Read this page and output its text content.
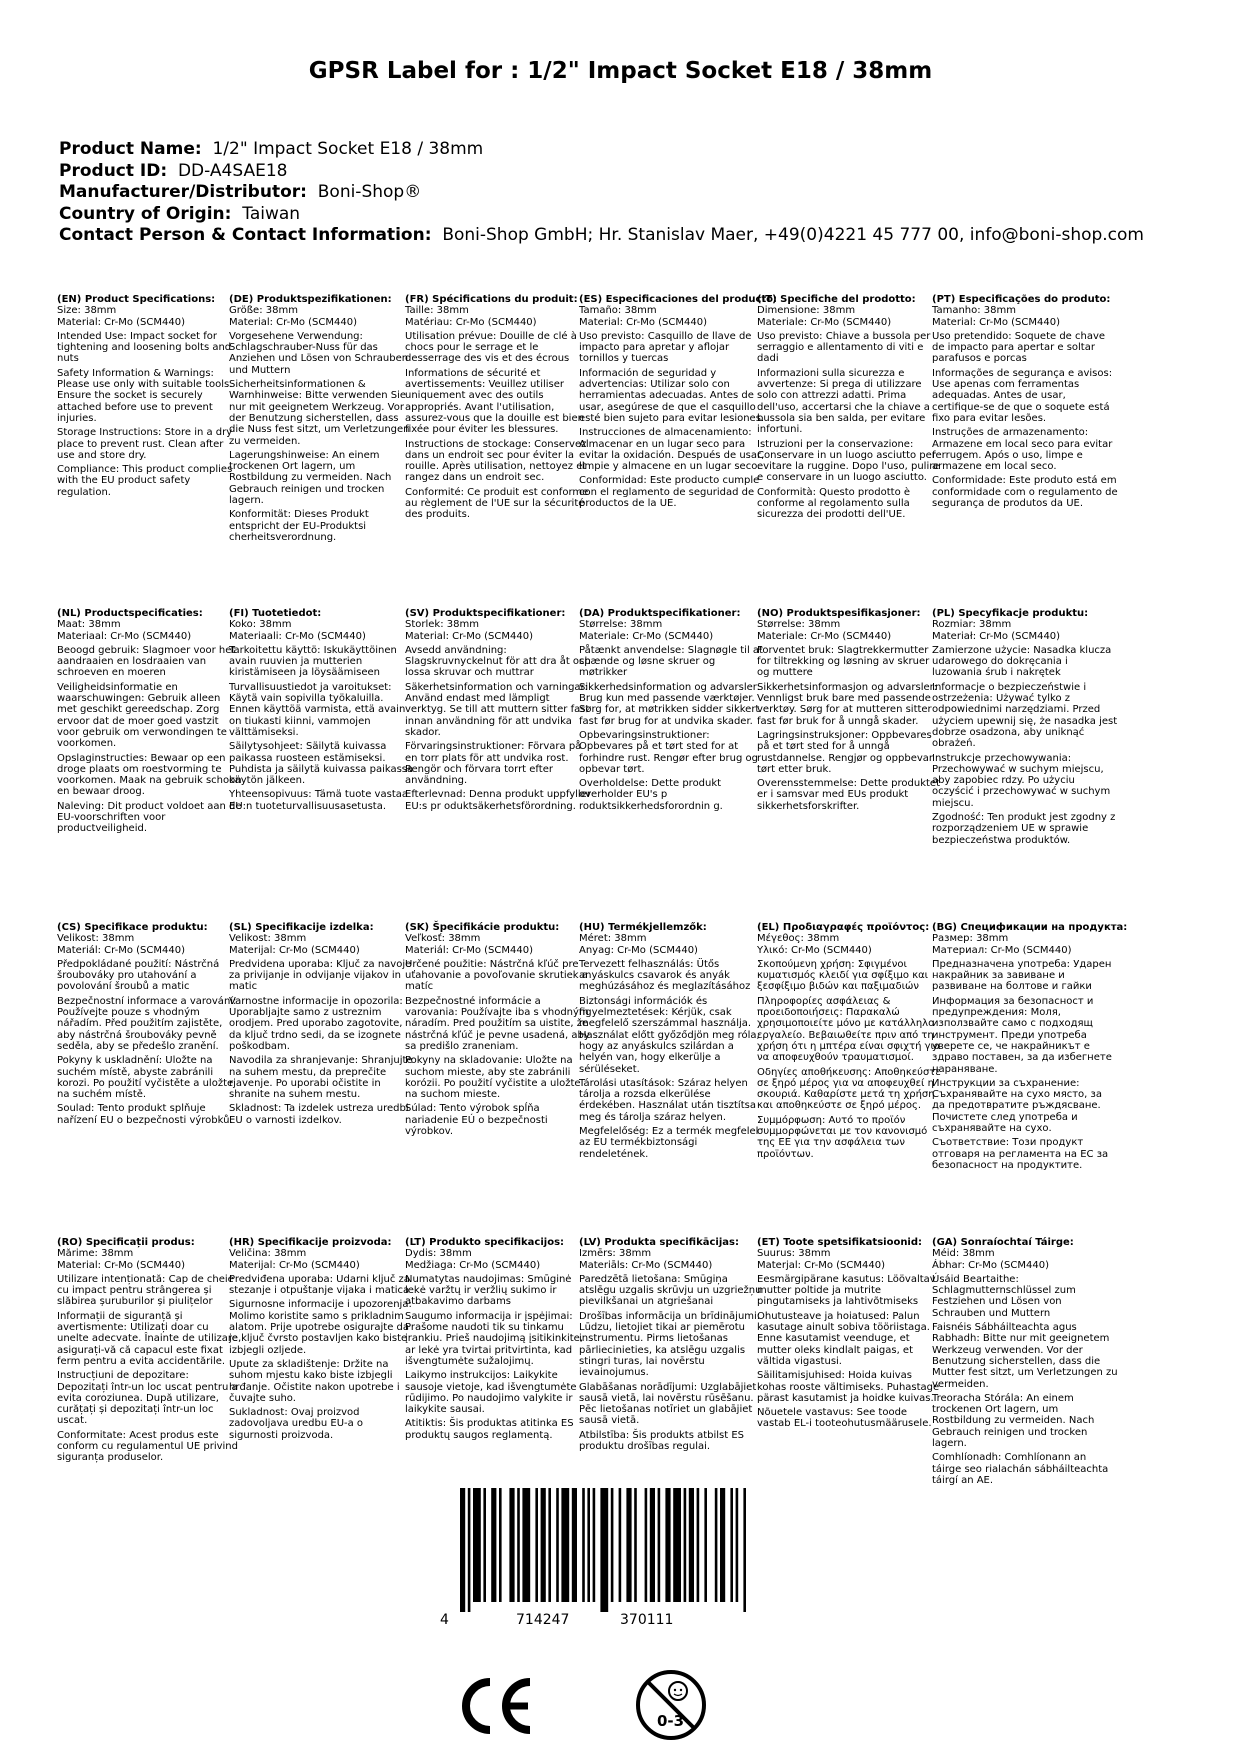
GPSR Label for : 1/2" Impact Socket E18 / 38mm
Product Name: 1/2" Impact Socket E18 / 38mm
Product ID: DD-A4SAE18
Manufacturer/Distributor: Boni-Shop®
Country of Origin: Taiwan
Contact Person & Contact Information: Boni-Shop GmbH; Hr. Stanislav Maer, +49(0)4221 45 777 00, info@boni-shop.com
(EN) Product Specifications:
Size: 38mm
Material: Cr-Mo (SCM440)
Intended Use: Impact socket for tightening and loosening bolts and nuts
Safety Information & Warnings: Please use only with suitable tools. Ensure the socket is securely attached before use to prevent injuries.
Storage Instructions: Store in a dry place to prevent rust. Clean after use and store dry.
Compliance: This product complies with the EU product safety regulation.
(DE) Produktspezifikationen:
Größe: 38mm
Material: Cr-Mo (SCM440)
Vorgesehene Verwendung: Schlagschrauber-Nuss für das Anziehen und Lösen von Schrauben und Muttern
Sicherheitsinformationen & Warnhinweise: Bitte verwenden Sie nur mit geeignetem Werkzeug. Vor der Benutzung sicherstellen, dass die Nuss fest sitzt, um Verletzungen zu vermeiden.
Lagerungshinweise: An einem trockenen Ort lagern, um Rostbildung zu vermeiden. Nach Gebrauch reinigen und trocken lagern.
Konformität: Dieses Produkt entspricht der EU-Produktsi cherheitsverordnung.
(FR) Spécifications du produit:
Taille: 38mm
Matériau: Cr-Mo (SCM440)
Utilisation prévue: Douille de clé à chocs pour le serrage et le desserrage des vis et des écrous
Informations de sécurité et avertissements: Veuillez utiliser uniquement avec des outils appropriés. Avant l'utilisation, assurez-vous que la douille est bien fixée pour éviter les blessures.
Instructions de stockage: Conservez dans un endroit sec pour éviter la rouille. Après utilisation, nettoyez et rangez dans un endroit sec.
Conformité: Ce produit est conforme au règlement de l'UE sur la sécurité des produits.
(ES) Especificaciones del producto:
Tamaño: 38mm
Material: Cr-Mo (SCM440)
Uso previsto: Casquillo de llave de impacto para apretar y aflojar tornillos y tuercas
Información de seguridad y advertencias: Utilizar solo con herramientas adecuadas. Antes de usar, asegúrese de que el casquillo esté bien sujeto para evitar lesiones.
Instrucciones de almacenamiento: Almacenar en un lugar seco para evitar la oxidación. Después de usar, limpie y almacene en un lugar seco.
Conformidad: Este producto cumple con el reglamento de seguridad de productos de la UE.
(IT) Specifiche del prodotto:
Dimensione: 38mm
Materiale: Cr-Mo (SCM440)
Uso previsto: Chiave a bussola per serraggio e allentamento di viti e dadi
Informazioni sulla sicurezza e avvertenze: Si prega di utilizzare solo con attrezzi adatti. Prima dell'uso, accertarsi che la chiave a bussola sia ben salda, per evitare infortuni.
Istruzioni per la conservazione: Conservare in un luogo asciutto per evitare la ruggine. Dopo l'uso, pulire e conservare in un luogo asciutto.
Conformità: Questo prodotto è conforme al regolamento sulla sicurezza dei prodotti dell'UE.
(PT) Especificações do produto:
Tamanho: 38mm
Material: Cr-Mo (SCM440)
Uso pretendido: Soquete de chave de impacto para apertar e soltar parafusos e porcas
Informações de segurança e avisos: Use apenas com ferramentas adequadas. Antes de usar, certifique-se de que o soquete está fixo para evitar lesões.
Instruções de armazenamento: Armazene em local seco para evitar ferrugem. Após o uso, limpe e armazene em local seco.
Conformidade: Este produto está em conformidade com o regulamento de segurança de produtos da UE.
(NL) Productspecificaties:
Maat: 38mm
Materiaal: Cr-Mo (SCM440)
Beoogd gebruik: Slagmoer voor het aandraaien en losdraaien van schroeven en moeren
Veiligheidsinformatie en waarschuwingen: Gebruik alleen met geschikt gereedschap. Zorg ervoor dat de moer goed vastzit voor gebruik om verwondingen te voorkomen.
Opslaginstructies: Bewaar op een droge plaats om roestvorming te voorkomen. Maak na gebruik schoon en bewaar droog.
Naleving: Dit product voldoet aan de EU-voorschriften voor productveiligheid.
(FI) Tuotetiedot:
Koko: 38mm
Materiaali: Cr-Mo (SCM440)
Tarkoitettu käyttö: Iskukäyttöinen avain ruuvien ja mutterien kiristämiseen ja löysäämiseen
Turvallisuustiedot ja varoitukset: Käytä vain sopivilla työkaluilla. Ennen käyttöä varmista, että avain on tiukasti kiinni, vammojen välttämiseksi.
Säilytysohjeet: Säilytä kuivassa paikassa ruosteen estämiseksi. Puhdista ja säilytä kuivassa paikassa käytön jälkeen.
Yhteensopivuus: Tämä tuote vastaa EU:n tuoteturvallisuusasetusta.
(SV) Produktspecifikationer:
Storlek: 38mm
Material: Cr-Mo (SCM440)
Avsedd användning: Slagskruvnyckelnut för att dra åt och lossa skruvar och muttrar
Säkerhetsinformation och varningar: Använd endast med lämpligt verktyg. Se till att muttern sitter fast innan användning för att undvika skador.
Förvaringsinstruktioner: Förvara på en torr plats för att undvika rost. Rengör och förvara torrt efter användning.
Efterlevnad: Denna produkt uppfyller EU:s pr oduktsäkerhetsförordning.
(DA) Produktspecifikationer:
Størrelse: 38mm
Materiale: Cr-Mo (SCM440)
Påtænkt anvendelse: Slagnøgle til at spænde og løsne skruer og møtrikker
Sikkerhedsinformation og advarsler: Brug kun med passende værktøjer. Sørg for, at møtrikken sidder sikkert fast før brug for at undvika skader.
Opbevaringsinstruktioner: Opbevares på et tørt sted for at forhindre rust. Rengør efter brug og opbevar tørt.
Overholdelse: Dette produkt overholder EU's p roduktsikkerhedsforordnin g.
(NO) Produktspesifikasjoner:
Størrelse: 38mm
Materiale: Cr-Mo (SCM440)
Forventet bruk: Slagtrekkermutter for tiltrekking og løsning av skruer og muttere
Sikkerhetsinformasjon og advarsler: Vennligst bruk bare med passende verktøy. Sørg for at mutteren sitter fast før bruk for å unngå skader.
Lagringsinstruksjoner: Oppbevares på et tørt sted for å unngå rustdannelse. Rengjør og oppbevar tørt etter bruk.
Overensstemmelse: Dette produktet er i samsvar med EUs produkt sikkerhetsforskrifter.
(PL) Specyfikacje produktu:
Rozmiar: 38mm
Materiał: Cr-Mo (SCM440)
Zamierzone użycie: Nasadka klucza udarowego do dokręcania i luzowania śrub i nakrętek
Informacje o bezpieczeństwie i ostrzeżenia: Używać tylko z odpowiednimi narzędziami. Przed użyciem upewnij się, że nasadka jest dobrze osadzona, aby uniknąć obrażeń.
Instrukcje przechowywania: Przechowywać w suchym miejscu, aby zapobiec rdzy. Po użyciu oczyścić i przechowywać w suchym miejscu.
Zgodność: Ten produkt jest zgodny z rozporządzeniem UE w sprawie bezpieczeństwa produktów.
(CS) Specifikace produktu:
Velikost: 38mm
Materiál: Cr-Mo (SCM440)
Předpokládané použití: Nástrčná šroubováky pro utahování a povolování šroubů a matic
Bezpečnostní informace a varování: Používejte pouze s vhodným nářadím. Před použitím zajistěte, aby nástrčná šroubováky pevně seděla, aby se předešlo zranění.
Pokyny k uskladnění: Uložte na suchém místě, abyste zabránili korozi. Po použití vyčistěte a uložte na suchém místě.
Soulad: Tento produkt splňuje nařízení EU o bezpečnosti výrobků.
(SL) Specifikacije izdelka:
Velikost: 38mm
Materijal: Cr-Mo (SCM440)
Predvidena uporaba: Ključ za navoje za privijanje in odvijanje vijakov in matic
Varnostne informacije in opozorila: Uporabljajte samo z ustreznim orodjem. Pred uporabo zagotovite, da ključ trdno sedi, da se izognete poškodbam.
Navodila za shranjevanje: Shranjujte na suhem mestu, da preprečite rjavenje. Po uporabi očistite in shranite na suhem mestu.
Skladnost: Ta izdelek ustreza uredbi EU o varnosti izdelkov.
(SK) Špecifikácie produktu:
Veľkosť: 38mm
Materiál: Cr-Mo (SCM440)
Určené použitie: Nástrčná kľúč pre uťahovanie a povoľovanie skrutiek a matíc
Bezpečnostné informácie a varovania: Používajte iba s vhodným náradím. Pred použitím sa uistite, že nástrčná kľúč je pevne usadená, aby sa predišlo zraneniam.
Pokyny na skladovanie: Uložte na suchom mieste, aby ste zabránili korózii. Po použití vyčistite a uložte na suchom mieste.
Súlad: Tento výrobok spĺňa nariadenie EÚ o bezpečnosti výrobkov.
(HU) Termékjellemzők:
Méret: 38mm
Anyag: Cr-Mo (SCM440)
Tervezett felhasználás: Ütős anyáskulcs csavarok és anyák meghúzásához és meglazításához
Biztonsági információk és figyelmeztetések: Kérjük, csak megfelelő szerszámmal használja. Használat előtt győződjön meg róla, hogy az anyáskulcs szilárdan a helyén van, hogy elkerülje a sérüléseket.
Tárolási utasítások: Száraz helyen tárolja a rozsda elkerülése érdekében. Használat után tisztítsa meg és tárolja száraz helyen.
Megfelelőség: Ez a termék megfelel az EU termékbiztonsági rendeletének.
(EL) Προδιαγραφές προϊόντος:
Μέγεθος: 38mm
Υλικό: Cr-Mo (SCM440)
Σκοπούμενη χρήση: Σφιγμένοι κυματισμός κλειδί για σφίξιμο και ξεσφίξιμο βιδών και παξιμαδιών
Πληροφορίες ασφάλειας & προειδοποιήσεις: Παρακαλώ χρησιμοποιείτε μόνο με κατάλληλο εργαλείο. Βεβαιωθείτε πριν από τη χρήση ότι η μπτέρα είναι σφιχτή για να αποφευχθούν τραυματισμοί.
Οδηγίες αποθήκευσης: Αποθηκεύστε σε ξηρό μέρος για να αποφευχθεί η σκουριά. Καθαρίστε μετά τη χρήση και αποθηκεύστε σε ξηρό μέρος.
Συμμόρφωση: Αυτό το προϊόν συμμορφώνεται με τον κανονισμό της ΕΕ για την ασφάλεια των προϊόντων.
(BG) Спецификации на продукта:
Размер: 38mm
Материал: Cr-Mo (SCM440)
Предназначена употреба: Ударен накрайник за завиване и развиване на болтове и гайки
Информация за безопасност и предупреждения: Моля, използвайте само с подходящ инструмент. Преди употреба уверете се, че накрайникът е здраво поставен, за да избегнете нараняване.
Инструкции за съхранение: Съхранявайте на сухо място, за да предотвратите ръждясване. Почистете след употреба и съхранявайте на сухо.
Съответствие: Този продукт отговаря на регламента на ЕС за безопасност на продуктите.
(RO) Specificații produs:
Mărime: 38mm
Material: Cr-Mo (SCM440)
Utilizare intenționată: Cap de cheie cu impact pentru strângerea și slăbirea șuruburilor și piulițelor
Informații de siguranță și avertismente: Utilizați doar cu unelte adecvate. Înainte de utilizare, asigurați-vă că capacul este fixat ferm pentru a evita accidentările.
Instrucțiuni de depozitare: Depozitați într-un loc uscat pentru a evita coroziunea. După utilizare, curățați și depozitați într-un loc uscat.
Conformitate: Acest produs este conform cu regulamentul UE privind siguranța produselor.
(HR) Specifikacije proizvoda:
Veličina: 38mm
Materijal: Cr-Mo (SCM440)
Predviđena uporaba: Udarni ključ za stezanje i otpuštanje vijaka i matica
Sigurnosne informacije i upozorenja: Molimo koristite samo s prikladnim alatom. Prije upotrebe osigurajte da je ključ čvrsto postavljen kako biste izbjegli ozljede.
Upute za skladištenje: Držite na suhom mjestu kako biste izbjegli hrđanje. Očistite nakon upotrebe i čuvajte suho.
Sukladnost: Ovaj proizvod zadovoljava uredbu EU-a o sigurnosti proizvoda.
(LT) Produkto specifikacijos:
Dydis: 38mm
Medžiaga: Cr-Mo (SCM440)
Numatytas naudojimas: Smūginė lekė varžtų ir veržlių sukimo ir atbakavimo darbams
Saugumo informacija ir įspėjimai: Prašome naudoti tik su tinkamu įrankiu. Prieš naudojimą įsitikinkite, ar lekė yra tvirtai pritvirtinta, kad išvengtumėte sužalojimų.
Laikymo instrukcijos: Laikykite sausoje vietoje, kad išvengtumėte rūdijimo. Po naudojimo valykite ir laikykite sausai.
Atitiktis: Šis produktas atitinka ES produktų saugos reglamentą.
(LV) Produkta specifikācijas:
Izmērs: 38mm
Materiāls: Cr-Mo (SCM440)
Paredzētā lietošana: Smūgiņa atslēgu uzgalis skrūvju un uzgriežņu pievilkšanai un atgriešanai
Drošības informācija un brīdinājumi: Lūdzu, lietojiet tikai ar piemērotu instrumentu. Pirms lietošanas pārliecinieties, ka atslēgu uzgalis stingri turas, lai novērstu ievainojumus.
Glabāšanas norādījumi: Uzglabājiet sausā vietā, lai novērstu rūsēšanu. Pēc lietošanas notīriet un glabājiet sausā vietā.
Atbilstība: Šis produkts atbilst ES produktu drošības regulai.
(ET) Toote spetsifikatsioonid:
Suurus: 38mm
Materjal: Cr-Mo (SCM440)
Eesmärgipärane kasutus: Löövaltav mutter poltide ja mutrite pingutamiseks ja lahtivõtmiseks
Ohutusteave ja hoiatused: Palun kasutage ainult sobiva tööriistaga. Enne kasutamist veenduge, et mutter oleks kindlalt paigas, et vältida vigastusi.
Säilitamisjuhised: Hoida kuivas kohas rooste vältimiseks. Puhastage pärast kasutamist ja hoidke kuivas.
Nõuetele vastavus: See toode vastab EL-i tooteohutusmäärusele.
(GA) Sonraíochtaí Táirge:
Méid: 38mm
Ábhar: Cr-Mo (SCM440)
Úsáid Beartaithe: Schlagmutternschlüssel zum Festziehen und Lösen von Schrauben und Muttern
Faisnéis Sábháilteachta agus Rabhadh: Bitte nur mit geeignetem Werkzeug verwenden. Vor der Benutzung sicherstellen, dass die Mutter fest sitzt, um Verletzungen zu vermeiden.
Treoracha Stórála: An einem trockenen Ort lagern, um Rostbildung zu vermeiden. Nach Gebrauch reinigen und trocken lagern.
Comhlíonadh: Comhlíonann an táirge seo rialachán sábháilteachta táirgí an AE.
4	714247	370111
0-3
